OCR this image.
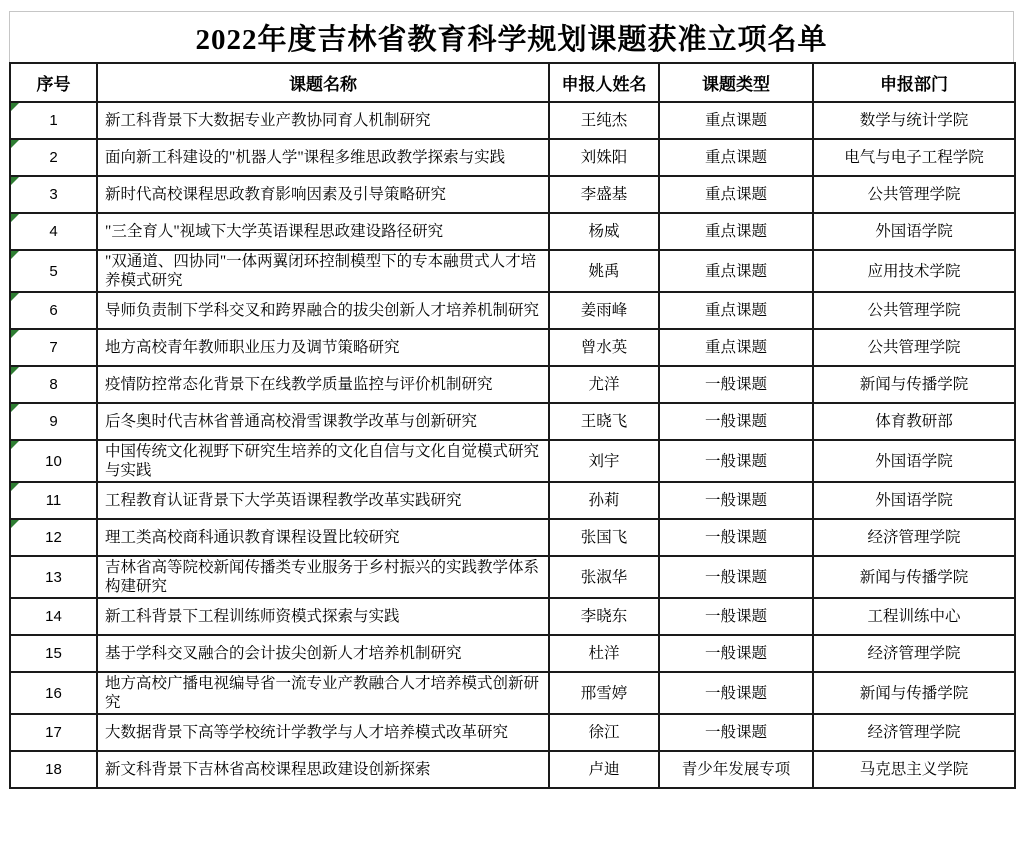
2022年度吉林省教育科学规划课题获准立项名单
序号	课题名称	申报人姓名	课题类型	申报部门

1	新工科背景下大数据专业产教协同育人机制研究	王纯杰	重点课题	数学与统计学院

2	面向新工科建设的"机器人学"课程多维思政教学探索与实践	刘姝阳	重点课题	电气与电子工程学院

3	新时代高校课程思政教育影响因素及引导策略研究	李盛基	重点课题	公共管理学院

4	"三全育人"视域下大学英语课程思政建设路径研究	杨威	重点课题	外国语学院

5	"双通道、四协同"一体两翼闭环控制模型下的专本融贯式人才培养模式研究	姚禹	重点课题	应用技术学院

6	导师负责制下学科交叉和跨界融合的拔尖创新人才培养机制研究	姜雨峰	重点课题	公共管理学院

7	地方高校青年教师职业压力及调节策略研究	曾水英	重点课题	公共管理学院

8	疫情防控常态化背景下在线教学质量监控与评价机制研究	尤洋	一般课题	新闻与传播学院

9	后冬奥时代吉林省普通高校滑雪课教学改革与创新研究	王晓飞	一般课题	体育教研部

10	中国传统文化视野下研究生培养的文化自信与文化自觉模式研究与实践	刘宇	一般课题	外国语学院

11	工程教育认证背景下大学英语课程教学改革实践研究	孙莉	一般课题	外国语学院

12	理工类高校商科通识教育课程设置比较研究	张国飞	一般课题	经济管理学院
13	吉林省高等院校新闻传播类专业服务于乡村振兴的实践教学体系构建研究	张淑华	一般课题	新闻与传播学院
14	新工科背景下工程训练师资模式探索与实践	李晓东	一般课题	工程训练中心
15	基于学科交叉融合的会计拔尖创新人才培养机制研究	杜洋	一般课题	经济管理学院
16	地方高校广播电视编导省一流专业产教融合人才培养模式创新研究	邢雪婷	一般课题	新闻与传播学院
17	大数据背景下高等学校统计学教学与人才培养模式改革研究	徐江	一般课题	经济管理学院
18	新文科背景下吉林省高校课程思政建设创新探索	卢迪	青少年发展专项	马克思主义学院
